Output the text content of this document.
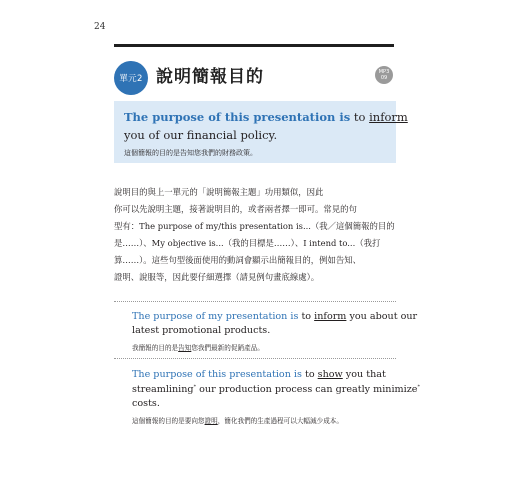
24
單元2 說明簡報目的	MP3
09
The purpose of this presentation is to inform
you of our financial policy.
這個簡報的目的是告知您我們的財務政策。
說明目的與上一單元的「說明簡報主題」功用類似，因此
你可以先說明主題，接著說明目的，或者兩者擇一即可。常見的句
型有：The purpose of my/this presentation is...（我／這個簡報的目的
是……）、My objective is...（我的目標是……）、I intend to...（我打
算……）。這些句型後面使用的動詞會顯示出簡報目的，例如告知、
證明、說服等，因此要仔細選擇（請見例句畫底線處）。
The purpose of my presentation is to inform you about our
latest promotional products.
我簡報的目的是告知您我們最新的促銷產品。
The purpose of this presentation is to show you that
streamlining* our production process can greatly minimize*
costs.
這個簡報的目的是要向您證明，簡化我們的生產過程可以大幅減少成本。
